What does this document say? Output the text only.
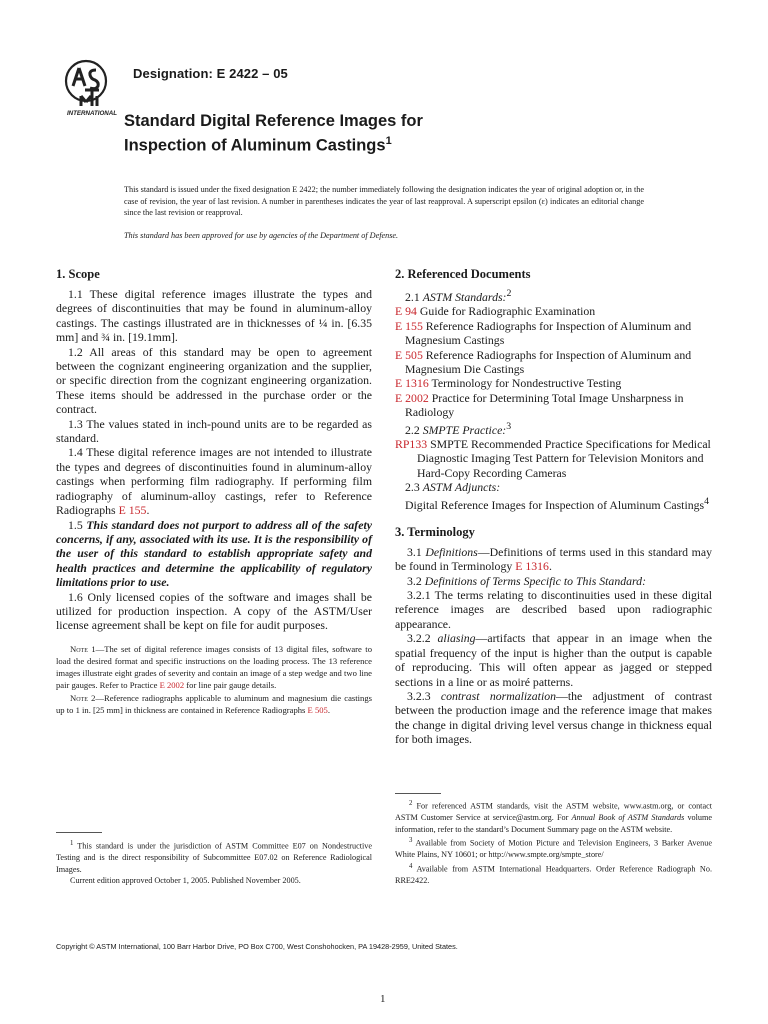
INTERNATIONAL
Designation: E 2422 – 05
Standard Digital Reference Images for
Inspection of Aluminum Castings$^1$
This standard is issued under the fixed designation E 2422; the number immediately following the designation indicates the year of original adoption or, in the case of revision, the year of last revision. A number in parentheses indicates the year of last reapproval. A superscript epsilon (ε) indicates an editorial change since the last revision or reapproval.
This standard has been approved for use by agencies of the Department of Defense.
1. Scope

1.1 These digital reference images illustrate the types and degrees of discontinuities that may be found in aluminum-alloy castings. The castings illustrated are in thicknesses of ¼ in. [6.35 mm] and ¾ in. [19.1mm].

1.2 All areas of this standard may be open to agreement between the cognizant engineering organization and the supplier, or specific direction from the cognizant engineering organization. These items should be addressed in the purchase order or the contract.

1.3 The values stated in inch-pound units are to be regarded as standard.

1.4 These digital reference images are not intended to illustrate the types and degrees of discontinuities found in aluminum-alloy castings when performing film radiography. If performing film radiography of aluminum-alloy castings, refer to Reference Radiographs E 155.

1.5 This standard does not purport to address all of the safety concerns, if any, associated with its use. It is the responsibility of the user of this standard to establish appropriate safety and health practices and determine the applicability of regulatory limitations prior to use.

1.6 Only licensed copies of the software and images shall be utilized for production inspection. A copy of the ASTM/User license agreement shall be kept on file for audit purposes.

Note 1—The set of digital reference images consists of 13 digital files, software to load the desired format and specific instructions on the loading process. The 13 reference images illustrate eight grades of severity and contain an image of a step wedge and two line pair gauges. Refer to Practice E 2002 for line pair gauge details.

Note 2—Reference radiographs applicable to aluminum and magnesium die castings up to 1 in. [25 mm] in thickness are contained in Reference Radiographs E 505.

$^1$ This standard is under the jurisdiction of ASTM Committee E07 on Nondestructive Testing and is the direct responsibility of Subcommittee E07.02 on Reference Radiological Images.

Current edition approved October 1, 2005. Published November 2005.

2. Referenced Documents

2.1 ASTM Standards:$^2$

E 94 Guide for Radiographic Examination

E 155 Reference Radiographs for Inspection of Aluminum and Magnesium Castings

E 505 Reference Radiographs for Inspection of Aluminum and Magnesium Die Castings

E 1316 Terminology for Nondestructive Testing

E 2002 Practice for Determining Total Image Unsharpness in Radiology

2.2 SMPTE Practice:$^3$

RP133 SMPTE Recommended Practice Specifications for Medical Diagnostic Imaging Test Pattern for Television Monitors and Hard-Copy Recording Cameras

2.3 ASTM Adjuncts:

Digital Reference Images for Inspection of Aluminum Castings$^4$

3. Terminology

3.1 Definitions—Definitions of terms used in this standard may be found in Terminology E 1316.

3.2 Definitions of Terms Specific to This Standard:

3.2.1 The terms relating to discontinuities used in these digital reference images are described based upon radiographic appearance.

3.2.2 aliasing—artifacts that appear in an image when the spatial frequency of the input is higher than the output is capable of reproducing. This will often appear as jagged or stepped sections in a line or as moiré patterns.

3.2.3 contrast normalization—the adjustment of contrast between the production image and the reference image that makes the change in digital driving level versus change in thickness equal for both images.

$^2$ For referenced ASTM standards, visit the ASTM website, www.astm.org, or contact ASTM Customer Service at service@astm.org. For Annual Book of ASTM Standards volume information, refer to the standard’s Document Summary page on the ASTM website.

$^3$ Available from Society of Motion Picture and Television Engineers, 3 Barker Avenue White Plains, NY 10601; or http://www.smpte.org/smpte_store/

$^4$ Available from ASTM International Headquarters. Order Reference Radiograph No. RRE2422.

Copyright © ASTM International, 100 Barr Harbor Drive, PO Box C700, West Conshohocken, PA 19428-2959, United States.
1
